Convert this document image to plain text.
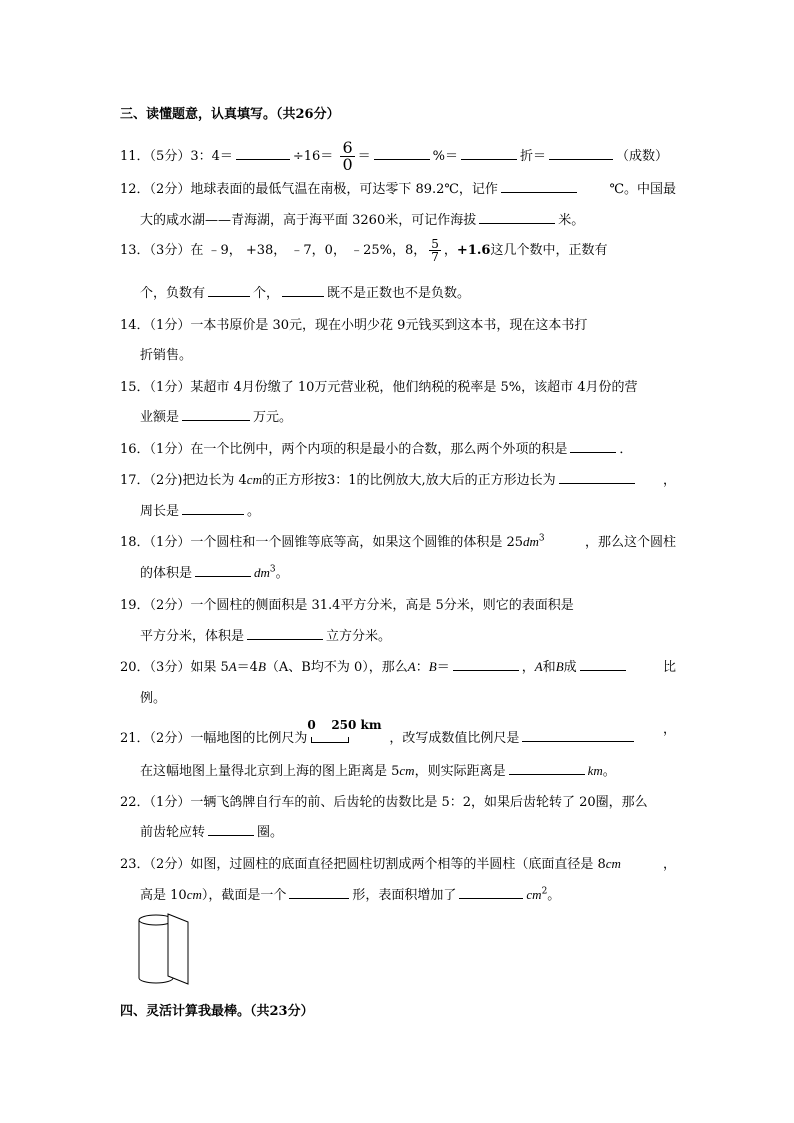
三、读懂题意，认真填写。（共26分）
11．（5分）3：4＝	$\div 16= \frac{6}{0}$ ＝	%＝	折＝	（成数）
12．（2分）地球表面的最低气温在南极，可达零下 89.2℃，记作	℃。中国最
大的咸水湖——青海湖，高于海平面 3260米，可记作海拔	米。
13．（3分）在 ﹣9， +38， ﹣7，0， ﹣25%，8， $\frac{5}{7}$ ，+1.6这几个数中，正数有
个，负数有	个，	既不是正数也不是负数。
14．（1分）一本书原价是 30元，现在小明少花 9元钱买到这本书，现在这本书打
折销售。
15．（1分）某超市 4月份缴了 10万元营业税，他们纳税的税率是 5%，该超市 4月份的营
业额是	万元。
16．（1分）在一个比例中，两个内项的积是最小的合数，那么两个外项的积是	．
17．（2分)把边长为 4cm的正方形按3：1的比例放大,放大后的正方形边长为	，
周长是	。
18．（1分）一个圆柱和一个圆锥等底等高，如果这个圆锥的体积是 $25dm^3$	，那么这个圆柱
的体积是	$dm^3$。
19．（2分）一个圆柱的侧面积是 31.4平方分米，高是 5分米，则它的表面积是
平方分米，体积是	立方分米。
20．（3分）如果 5A＝4B（A、B均不为 0），那么A：B＝	，A和B成	比
例。
21．（2分）一幅地图的比例尺为
0 250 km
，改写成数值比例尺是
，
在这幅地图上量得北京到上海的图上距离是 5cm，则实际距离是	km。
22．（1分）一辆飞鸽牌自行车的前、后齿轮的齿数比是 5：2，如果后齿轮转了 20圈，那么
前齿轮应转	圈。
23．（2分）如图，过圆柱的底面直径把圆柱切割成两个相等的半圆柱（底面直径是 8cm	，
高是 10cm），截面是一个	形，表面积增加了	$cm^2$。
四、灵活计算我最棒。（共23分）
